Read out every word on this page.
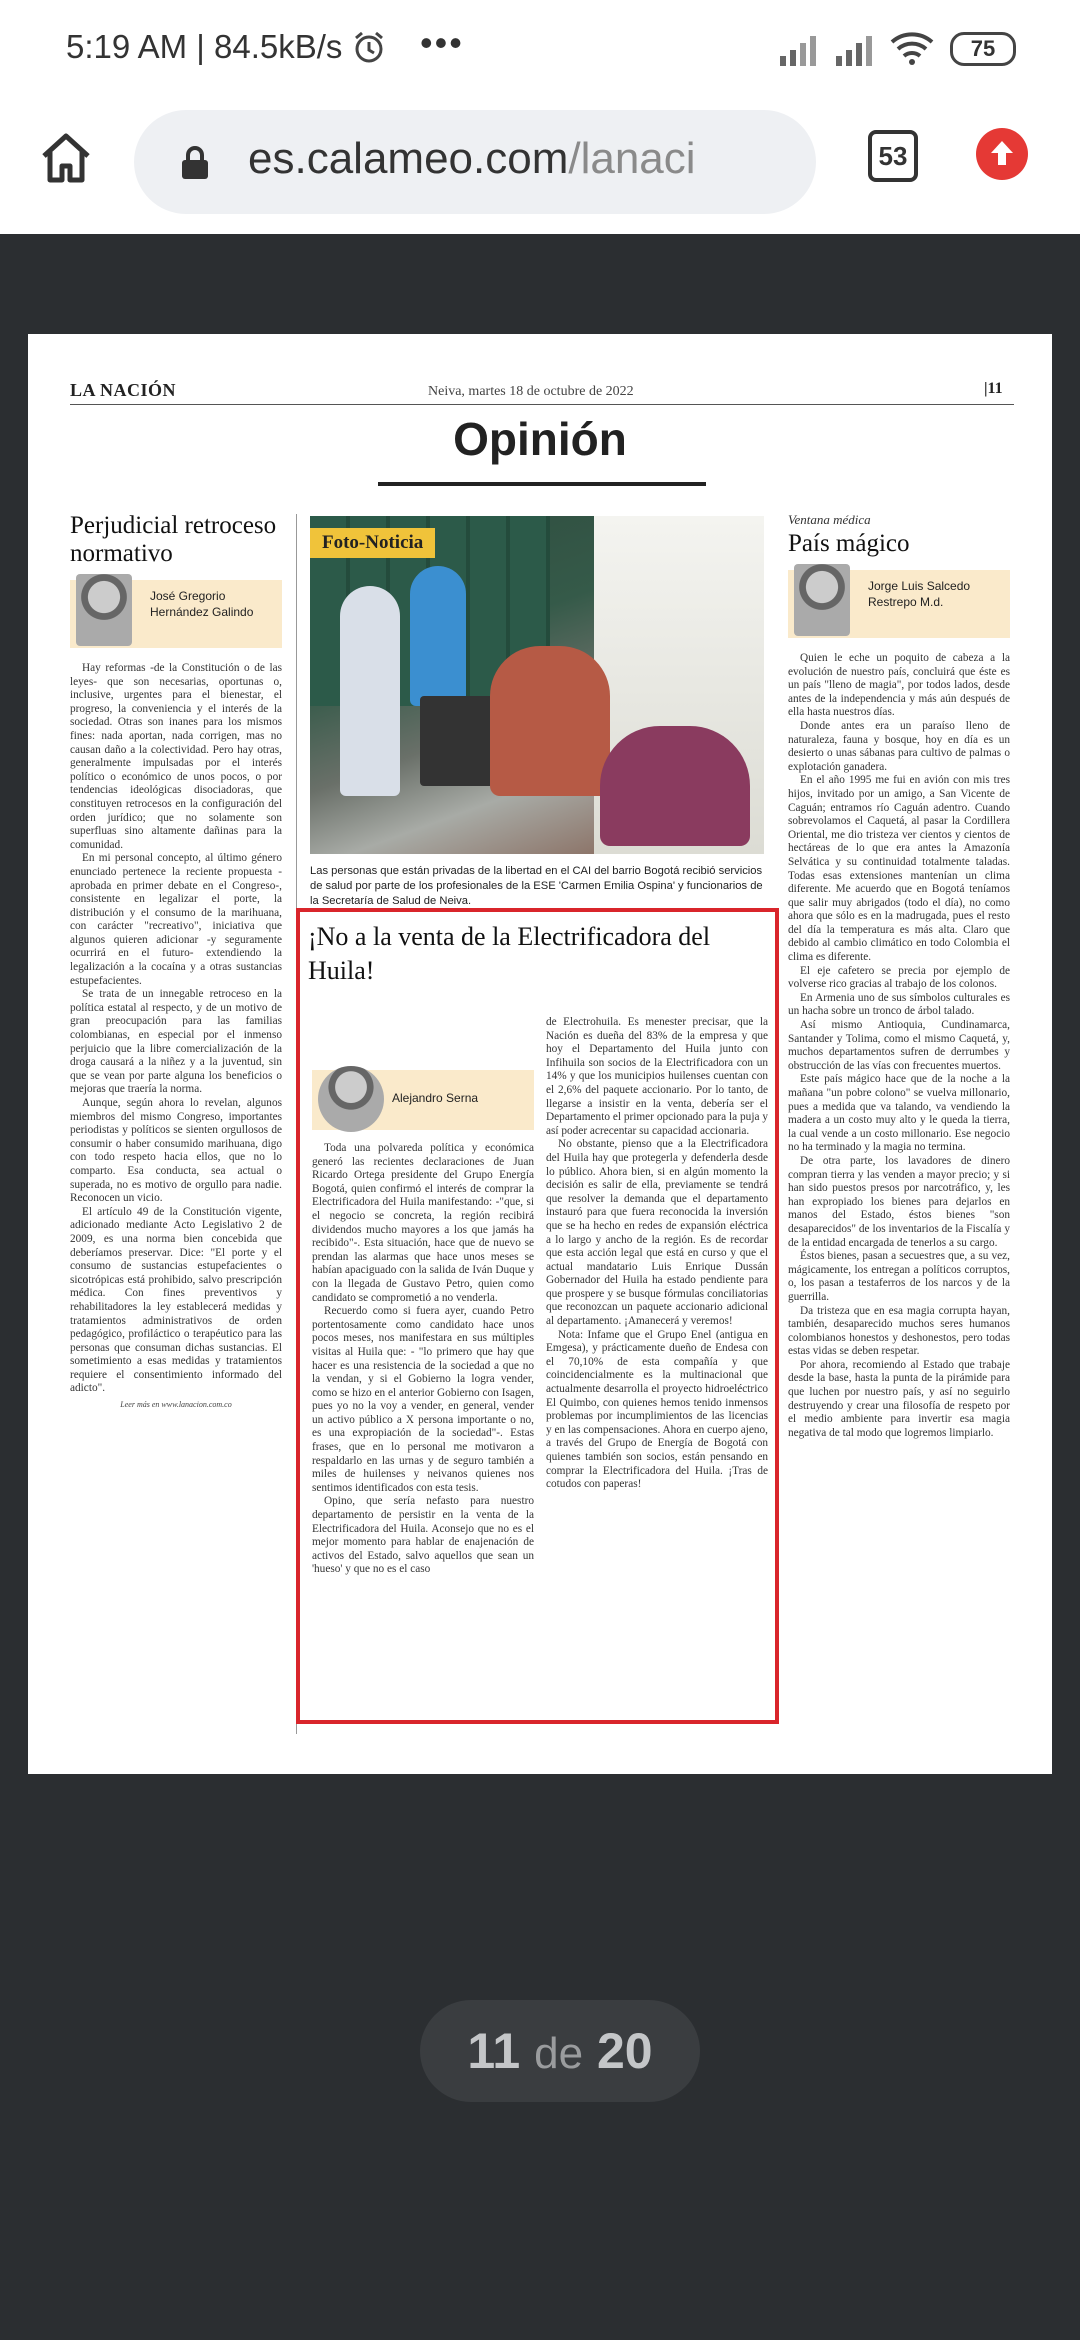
5:19 AM | 84.5kB/s •••	75
es.calameo.com/lanaci	53
LA NACIÓN	Neiva, martes 18 de octubre de 2022	|11
Opinión
Perjudicial retroceso normativo
José Gregorio Hernández Galindo

Hay reformas -de la Constitución o de las leyes- que son necesarias, oportunas o, inclusive, urgentes para el bienestar, el progreso, la conveniencia y el interés de la sociedad. Otras son inanes para los mismos fines: nada aportan, nada corrigen, mas no causan daño a la colectividad. Pero hay otras, generalmente impulsadas por el interés político o económico de unos pocos, o por tendencias ideológicas disociadoras, que constituyen retrocesos en la configuración del orden jurídico; que no solamente son superfluas sino altamente dañinas para la comunidad.

En mi personal concepto, al último género enunciado pertenece la reciente propuesta -aprobada en primer debate en el Congreso-, consistente en legalizar el porte, la distribución y el consumo de la marihuana, con carácter "recreativo", iniciativa que algunos quieren adicionar -y seguramente ocurrirá en el futuro- extendiendo la legalización a la cocaína y a otras sustancias estupefacientes.

Se trata de un innegable retroceso en la política estatal al respecto, y de un motivo de gran preocupación para las familias colombianas, en especial por el inmenso perjuicio que la libre comercialización de la droga causará a la niñez y a la juventud, sin que se vean por parte alguna los beneficios o mejoras que traería la norma.

Aunque, según ahora lo revelan, algunos miembros del mismo Congreso, importantes periodistas y políticos se sienten orgullosos de consumir o haber consumido marihuana, digo con todo respeto hacia ellos, que no lo comparto. Esa conducta, sea actual o superada, no es motivo de orgullo para nadie. Reconocen un vicio.

El artículo 49 de la Constitución vigente, adicionado mediante Acto Legislativo 2 de 2009, es una norma bien concebida que deberíamos preservar. Dice: "El porte y el consumo de sustancias estupefacientes o sicotrópicas está prohibido, salvo prescripción médica. Con fines preventivos y rehabilitadores la ley establecerá medidas y tratamientos administrativos de orden pedagógico, profiláctico o terapéutico para las personas que consuman dichas sustancias. El sometimiento a esas medidas y tratamientos requiere el consentimiento informado del adicto".

Leer más en www.lanacion.com.co
Foto-Noticia
Las personas que están privadas de la libertad en el CAI del barrio Bogotá recibió servicios de salud por parte de los profesionales de la ESE 'Carmen Emilia Ospina' y funcionarios de la Secretaría de Salud de Neiva.
¡No a la venta de la Electrificadora del Huila!
Alejandro Serna

Toda una polvareda política y económica generó las recientes declaraciones de Juan Ricardo Ortega presidente del Grupo Energía Bogotá, quien confirmó el interés de comprar la Electrificadora del Huila manifestando: -"que, si el negocio se concreta, la región recibirá dividendos mucho mayores a los que jamás ha recibido"-. Esta situación, hace que de nuevo se prendan las alarmas que hace unos meses se habían apaciguado con la salida de Iván Duque y con la llegada de Gustavo Petro, quien como candidato se comprometió a no venderla.

Recuerdo como si fuera ayer, cuando Petro portentosamente como candidato hace unos pocos meses, nos manifestara en sus múltiples visitas al Huila que: - "lo primero que hay que hacer es una resistencia de la sociedad a que no la vendan, y si el Gobierno la logra vender, como se hizo en el anterior Gobierno con Isagen, pues yo no la voy a vender, en general, vender un activo público a X persona importante o no, es una expropiación de la sociedad"-. Estas frases, que en lo personal me motivaron a respaldarlo en las urnas y de seguro también a miles de huilenses y neivanos quienes nos sentimos identificados con esta tesis.

Opino, que sería nefasto para nuestro departamento de persistir en la venta de la Electrificadora del Huila. Aconsejo que no es el mejor momento para hablar de enajenación de activos del Estado, salvo aquellos que sean un 'hueso' y que no es el caso

de Electrohuila. Es menester precisar, que la Nación es dueña del 83% de la empresa y que hoy el Departamento del Huila junto con Infihuila son socios de la Electrificadora con un 14% y que los municipios huilenses cuentan con el 2,6% del paquete accionario. Por lo tanto, de llegarse a insistir en la venta, debería ser el Departamento el primer opcionado para la puja y así poder acrecentar su capacidad accionaria.

No obstante, pienso que a la Electrificadora del Huila hay que protegerla y defenderla desde lo público. Ahora bien, si en algún momento la decisión es salir de ella, previamente se tendrá que resolver la demanda que el departamento instauró para que fuera reconocida la inversión que se ha hecho en redes de expansión eléctrica a lo largo y ancho de la región. Es de recordar que esta acción legal que está en curso y que el actual mandatario Luis Enrique Dussán Gobernador del Huila ha estado pendiente para que prospere y se busque fórmulas conciliatorias que reconozcan un paquete accionario adicional al departamento. ¡Amanecerá y veremos!

Nota: Infame que el Grupo Enel (antigua en Emgesa), y prácticamente dueño de Endesa con el 70,10% de esta compañía y que coincidencialmente es la multinacional que actualmente desarrolla el proyecto hidroeléctrico El Quimbo, con quienes hemos tenido inmensos problemas por incumplimientos de las licencias y en las compensaciones. Ahora en cuerpo ajeno, a través del Grupo de Energía de Bogotá con quienes también son socios, están pensando en comprar la Electrificadora del Huila. ¡Tras de cotudos con paperas!

Ventana médica
País mágico
Jorge Luis Salcedo Restrepo M.d.

Quien le eche un poquito de cabeza a la evolución de nuestro país, concluirá que éste es un país "lleno de magia", por todos lados, desde antes de la independencia y más aún después de ella hasta nuestros días.

Donde antes era un paraíso lleno de naturaleza, fauna y bosque, hoy en día es un desierto o unas sábanas para cultivo de palmas o explotación ganadera.

En el año 1995 me fui en avión con mis tres hijos, invitado por un amigo, a San Vicente de Caguán; entramos río Caguán adentro. Cuando sobrevolamos el Caquetá, al pasar la Cordillera Oriental, me dio tristeza ver cientos y cientos de hectáreas de lo que era antes la Amazonía Selvática y su continuidad totalmente taladas. Todas esas extensiones mantenían un clima diferente. Me acuerdo que en Bogotá teníamos que salir muy abrigados (todo el día), no como ahora que sólo es en la madrugada, pues el resto del día la temperatura es más alta. Claro que debido al cambio climático en todo Colombia el clima es diferente.

El eje cafetero se precia por ejemplo de volverse rico gracias al trabajo de los colonos.

En Armenia uno de sus símbolos culturales es un hacha sobre un tronco de árbol talado.

Así mismo Antioquia, Cundinamarca, Santander y Tolima, como el mismo Caquetá, y, muchos departamentos sufren de derrumbes y obstrucción de las vías con frecuentes muertos.

Este país mágico hace que de la noche a la mañana "un pobre colono" se vuelva millonario, pues a medida que va talando, va vendiendo la madera a un costo muy alto y le queda la tierra, la cual vende a un costo millonario. Ese negocio no ha terminado y la magia no termina.

De otra parte, los lavadores de dinero compran tierra y las venden a mayor precio; y si han sido puestos presos por narcotráfico, y, les han expropiado los bienes para dejarlos en manos del Estado, éstos bienes "son desaparecidos" de los inventarios de la Fiscalía y de la entidad encargada de tenerlos a su cargo.

Éstos bienes, pasan a secuestres que, a su vez, mágicamente, los entregan a políticos corruptos, o, los pasan a testaferros de los narcos y de la guerrilla.

Da tristeza que en esa magia corrupta hayan, también, desaparecido muchos seres humanos colombianos honestos y deshonestos, pero todas estas vidas se deben respetar.

Por ahora, recomiendo al Estado que trabaje desde la base, hasta la punta de la pirámide para que luchen por nuestro país, y así no seguirlo destruyendo y crear una filosofía de respeto por el medio ambiente para invertir esa magia negativa de tal modo que logremos limpiarlo.

11 de 20
